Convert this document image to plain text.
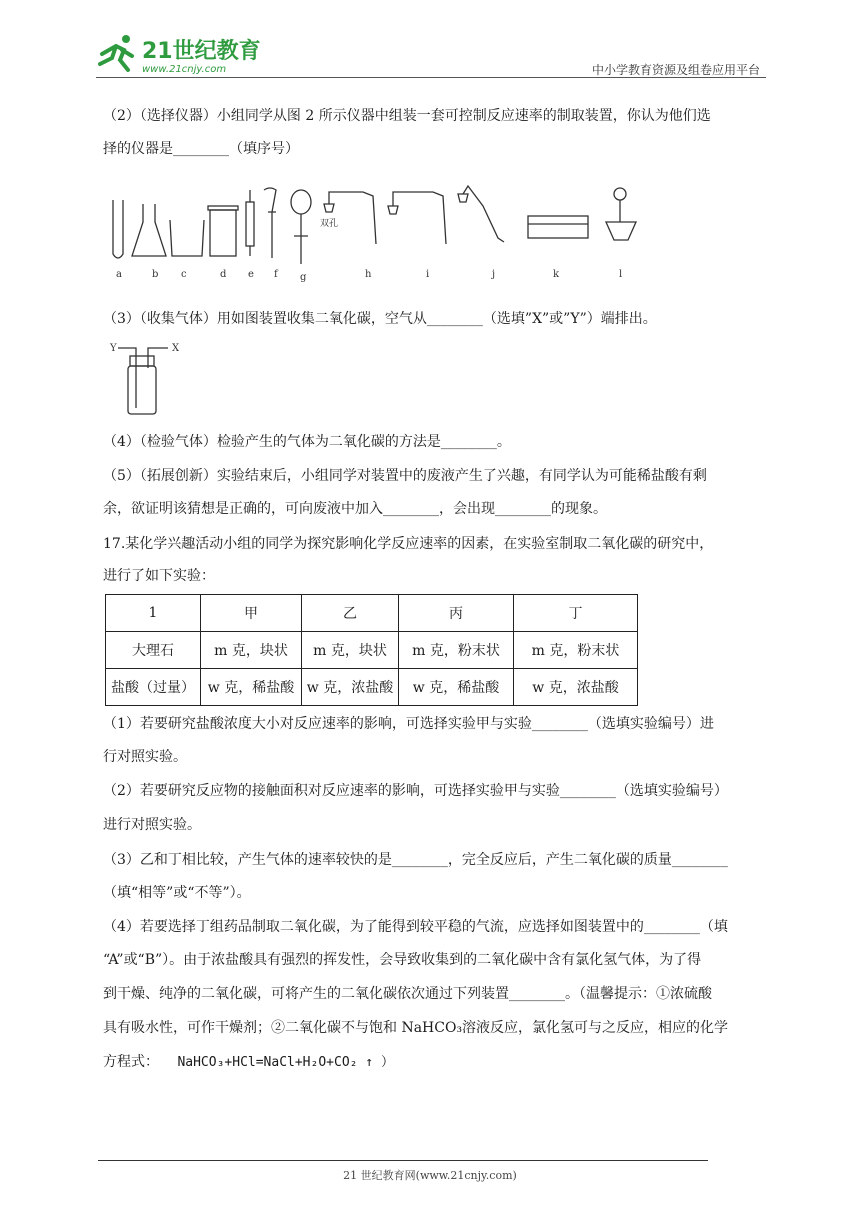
21世纪教育
www.21cnjy.com	中小学教育资源及组卷应用平台
（2）（选择仪器）小组同学从图 2 所示仪器中组装一套可控制反应速率的制取装置，你认为他们选
择的仪器是________（填序号）
双孔
a	b c	d e f g	h	i	j	k	l
（3）（收集气体）用如图装置收集二氧化碳，空气从________（选填”X”或”Y”）端排出。
Y	X
（4）（检验气体）检验产生的气体为二氧化碳的方法是________。
（5）（拓展创新）实验结束后，小组同学对装置中的废液产生了兴趣，有同学认为可能稀盐酸有剩
余，欲证明该猜想是正确的，可向废液中加入________，会出现________的现象。
17.某化学兴趣活动小组的同学为探究影响化学反应速率的因素，在实验室制取二氧化碳的研究中，
进行了如下实验：
1	甲	乙	丙	丁
大理石	m 克，块状	m 克，块状	m 克，粉末状	m 克，粉末状
盐酸（过量）	w 克，稀盐酸	w 克，浓盐酸	w 克，稀盐酸	w 克，浓盐酸
（1）若要研究盐酸浓度大小对反应速率的影响，可选择实验甲与实验________（选填实验编号）进
行对照实验。
（2）若要研究反应物的接触面积对反应速率的影响，可选择实验甲与实验________（选填实验编号）
进行对照实验。
（3）乙和丁相比较，产生气体的速率较快的是________，完全反应后，产生二氧化碳的质量________
（填“相等”或“不等”）。
（4）若要选择丁组药品制取二氧化碳，为了能得到较平稳的气流，应选择如图装置中的________（填
“A”或“B”）。由于浓盐酸具有强烈的挥发性，会导致收集到的二氧化碳中含有氯化氢气体，为了得
到干燥、纯净的二氧化碳，可将产生的二氧化碳依次通过下列装置________。（温馨提示：①浓硫酸
具有吸水性，可作干燥剂；②二氧化碳不与饱和 NaHCO₃溶液反应，氯化氢可与之反应，相应的化学
方程式： NaHCO₃+HCl=NaCl+H₂O+CO₂ ↑ ）
21 世纪教育网(www.21cnjy.com)
